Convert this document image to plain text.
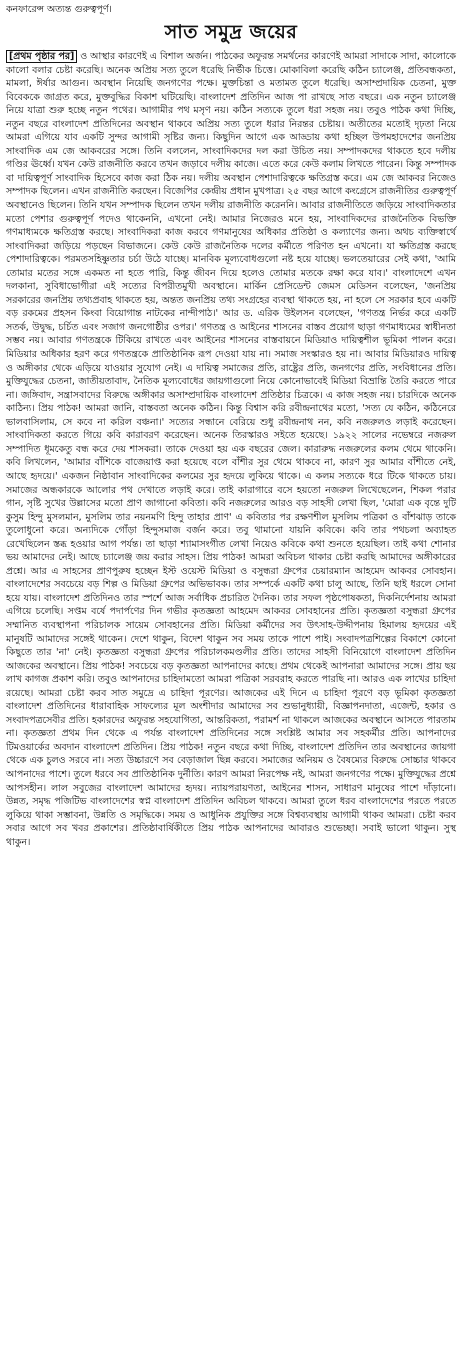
কনফারেন্স অত্যন্ত গুরুত্বপূর্ণ।
সাত সমুদ্র জয়ের

[প্রথম পৃষ্ঠার পর] ও আস্থার কারণেই এ বিশাল অর্জন। পাঠকের অফুরন্ত সমর্থনের কারণেই আমরা সাদাকে সাদা, কালোকে কালো বলার চেষ্টা করেছি। অনেক অপ্রিয় সত্য তুলে ধরেছি নির্ভীক চিত্তে। মোকাবিলা করেছি কঠিন চ্যালেঞ্জ, প্রতিবন্ধকতা, মামলা, ঈর্ষার আগুন। অবস্থান নিয়েছি জনগণের পক্ষে। মুক্তচিন্তা ও মতামত তুলে ধরেছি। অসাম্প্রদায়িক চেতনা, মুক্ত বিবেককে জাগ্রত করে, মুক্তবুদ্ধির বিকাশ ঘটিয়েছি। বাংলাদেশ প্রতিদিন আজ পা রাখছে সাত বছরে। এক নতুন চ্যালেঞ্জ নিয়ে যাত্রা শুরু হচ্ছে নতুন পথের। আগামীর পথ মসৃণ নয়। কঠিন সত্যকে তুলে ধরা সহজ নয়। তবুও পাঠক কথা দিচ্ছি, নতুন বছরে বাংলাদেশ প্রতিদিনের অবস্থান থাকবে অপ্রিয় সত্য তুলে ধরার নিরন্তর চেষ্টায়। অতীতের মতোই দৃঢ়তা নিয়ে আমরা এগিয়ে যাব একটি সুন্দর আগামী সৃষ্টির জন্য। কিছুদিন আগে এক আড্ডায় কথা হচ্ছিল উপমহাদেশের জনপ্রিয় সাংবাদিক এম জে আকবরের সঙ্গে। তিনি বললেন, সাংবাদিকদের দল করা উচিত নয়। সম্পাদকদের থাকতে হবে দলীয় গণ্ডির ঊর্ধ্বে। যখন কেউ রাজনীতি করবে তখন জড়াবে দলীয় কাজে। এতে করে কেউ কলাম লিখতে পারেন। কিন্তু সম্পাদক বা দায়িত্বপূর্ণ সাংবাদিক হিসেবে কাজ করা ঠিক নয়। দলীয় অবস্থান পেশাদারিত্বকে ক্ষতিগ্রস্ত করে। এম জে আকবর নিজেও সম্পাদক ছিলেন। এখন রাজনীতি করছেন। বিজেপির কেন্দ্রীয় প্রধান মুখপাত্র। ২৫ বছর আগে কংগ্রেসে রাজনীতির গুরুত্বপূর্ণ অবস্থানেও ছিলেন। তিনি যখন সম্পাদক ছিলেন তখন দলীয় রাজনীতি করেননি। আবার রাজনীতিতে জড়িয়ে সাংবাদিকতার মতো পেশার গুরুত্বপূর্ণ পদেও থাকেননি, এখনো নেই। আমার নিজেরও মনে হয়, সাংবাদিকদের রাজনৈতিক বিভক্তি গণমাধ্যমকে ক্ষতিগ্রস্ত করছে। সাংবাদিকরা কাজ করবে গণমানুষের অধিকার প্রতিষ্ঠা ও কল্যাণের জন্য। অথচ ব্যক্তিস্বার্থে সাংবাদিকরা জড়িয়ে পড়ছেন বিভাজনে। কেউ কেউ রাজনৈতিক দলের কর্মীতে পরিণত হন এখনো। যা ক্ষতিগ্রস্ত করছে পেশাদারিত্বকে। পরমতসহিষ্ণুতার চর্চা উঠে যাচ্ছে। মানবিক মূল্যবোধগুলো নষ্ট হয়ে যাচ্ছে। ভলতেয়ারের সেই কথা, 'আমি তোমার মতের সঙ্গে একমত না হতে পারি, কিন্তু জীবন দিয়ে হলেও তোমার মতকে রক্ষা করে যাব।' বাংলাদেশে এখন দলকানা, সুবিধাভোগীরা এই সত্যের বিপরীতমুখী অবস্থানে। মার্কিন প্রেসিডেন্ট জেমস মেডিসন বলেছেন, 'জনপ্রিয় সরকারের জনপ্রিয় তথ্যপ্রবাহ থাকতে হয়, অন্তত জনপ্রিয় তথ্য সংগ্রহের ব্যবস্থা থাকতে হয়, না হলে সে সরকার হবে একটি বড় রকমের প্রহসন কিংবা বিয়োগান্ত নাটকের নান্দীপাঠ।' আর ড. এরিক উইলসন বলেছেন, 'গণতন্ত্র নির্ভর করে একটি সতর্ক, উদ্বুদ্ধ, চর্চিত এবং সজাগ জনগোষ্ঠীর ওপর।' গণতন্ত্র ও আইনের শাসনের বাস্তব প্রয়োগ ছাড়া গণমাধ্যমের স্বাধীনতা সম্ভব নয়। আবার গণতন্ত্রকে টিকিয়ে রাখতে এবং আইনের শাসনের বাস্তবায়নে মিডিয়াও দায়িত্বশীল ভূমিকা পালন করে। মিডিয়ার অধিকার হরণ করে গণতন্ত্রকে প্রাতিষ্ঠানিক রূপ দেওয়া যায় না। সমাজ সংস্কারও হয় না। আবার মিডিয়ারও দায়িত্ব ও অঙ্গীকার থেকে এড়িয়ে যাওয়ার সুযোগ নেই। এ দায়িত্ব সমাজের প্রতি, রাষ্ট্রের প্রতি, জনগণের প্রতি, সংবিধানের প্রতি। মুক্তিযুদ্ধের চেতনা, জাতীয়তাবাদ, নৈতিক মূল্যবোধের জায়গাগুলো নিয়ে কোনোভাবেই মিডিয়া বিভ্রান্তি তৈরি করতে পারে না। জঙ্গিবাদ, সন্ত্রাসবাদের বিরুদ্ধে অঙ্গীকার অসাম্প্রদায়িক বাংলাদেশ প্রতিষ্ঠার চিত্রকে। এ কাজ সহজ নয়। চারদিকে অনেক কাঠিন্য। প্রিয় পাঠক! আমরা জানি, বাস্তবতা অনেক কঠিন। কিন্তু বিশ্বাস করি রবীন্দ্রনাথের মতো, 'সত্য যে কঠিন, কঠিনেরে ভালবাসিলাম, সে কবে না করিল বঞ্চনা।' সত্যের সন্ধানে বেরিয়ে শুধু রবীন্দ্রনাথ নন, কবি নজরুলও লড়াই করেছেন। সাংবাদিকতা করতে গিয়ে কবি কারাবরণ করেছেন। অনেক তিরস্কারও সইতে হয়েছে। ১৯২২ সালের নভেম্বরে নজরুল সম্পাদিত ধূমকেতু বন্ধ করে দেয় শাসকরা। তাকে দেওয়া হয় এক বছরের জেল। কারারুদ্ধ নজরুলের কলম থেমে থাকেনি। কবি লিখলেন, 'আমার বাঁশিকে বাজেয়াপ্ত করা হয়েছে বলে বাঁশীর সুর থেমে থাকবে না, কারণ সুর আমার বাঁশীতে নেই, আছে হৃদয়ে।' একজন নিষ্ঠাবান সাংবাদিকের কলমের সুর হৃদয়ে লুকিয়ে থাকে। এ কলম সত্যকে ধরে টিকে থাকতে চায়। সমাজের অন্ধকারকে আলোর পথ দেখাতে লড়াই করে। তাই কারাগারে বসে হয়তো নজরুল লিখেছেলেন, শিকল পরার গান, সৃষ্টি সুখের উল্লাসের মতো প্রাণ জাগানো কবিতা। কবি নজরুলের আরও বড় সাহসী লেখা ছিল, 'মোরা এক বৃন্তে দুটি কুসুম হিন্দু মুসলমান, মুসলিম তার নয়নমণি হিন্দু তাহার প্রাণ' এ কবিতার পর রক্ষণশীল মুসলিম পত্রিকা ও বাঁশঝাড় তাকে তুলোধুনো করে। অন্যদিকে গোঁড়া হিন্দুসমাজ বর্জন করে। তবু থামানো যায়নি কবিকে। কবি তার পথচলা অব্যাহত রেখেছিলেন স্তব্ধ হওয়ার আগ পর্যন্ত। তা ছাড়া শ্যামাসংগীত লেখা নিয়েও কবিকে কথা শুনতে হয়েছিল। তাই কথা শোনার ভয় আমাদের নেই। আছে চ্যালেঞ্জ জয় করার সাহস। প্রিয় পাঠক! আমরা অবিচল থাকার চেষ্টা করছি আমাদের অঙ্গীকারের প্রশ্নে। আর এ সাহসের প্রাণপুরুষ হচ্ছেন ইস্ট ওয়েস্ট মিডিয়া ও বসুন্ধরা গ্রুপের চেয়ারম্যান আহমেদ আকবর সোবহান। বাংলাদেশের সবচেয়ে বড় শিল্প ও মিডিয়া গ্রুপের অভিভাবক। তার সম্পর্কে একটি কথা চালু আছে, তিনি ছাই ধরলে সোনা হয়ে যায়। বাংলাদেশ প্রতিদিনও তার স্পর্শে আজ সর্বাধিক প্রচারিত দৈনিক। তার সফল পৃষ্ঠপোষকতা, দিকনির্দেশনায় আমরা এগিয়ে চলেছি। সপ্তম বর্ষে পদার্পণের দিন গভীর কৃতজ্ঞতা আহমেদ আকবর সোবহানের প্রতি। কৃতজ্ঞতা বসুন্ধরা গ্রুপের সম্মানিত ব্যবস্থাপনা পরিচালক সায়েম সোবহানের প্রতি। মিডিয়া কর্মীদের সব উৎসাহ-উদ্দীপনায় হিমালয় হৃদয়ের এই মানুষটি আমাদের সঙ্গেই থাকেন। দেশে থাকুন, বিদেশ থাকুন সব সময় তাকে পাশে পাই। সংবাদপত্রশিল্পের বিকাশে কোনো কিছুতে তার 'না' নেই। কৃতজ্ঞতা বসুন্ধরা গ্রুপের পরিচালকমণ্ডলীর প্রতি। তাদের সাহসী বিনিয়োগে বাংলাদেশ প্রতিদিন আজকের অবস্থানে। প্রিয় পাঠক! সবচেয়ে বড় কৃতজ্ঞতা আপনাদের কাছে। প্রথম থেকেই আপনারা আমাদের সঙ্গে। প্রায় ছয় লাখ কাগজ প্রকাশ করি। তবুও আপনাদের চাহিদামতো আমরা পত্রিকা সরবরাহ করতে পারছি না। আরও এক লাখের চাহিদা রয়েছে। আমরা চেষ্টা করব সাত সমুদ্রে এ চাহিদা পূরণের। আজকের এই দিনে এ চাহিদা পূরণে বড় ভূমিকা কৃতজ্ঞতা বাংলাদেশ প্রতিদিনের ধারাবাহিক সাফল্যের মূল অংশীদার আমাদের সব শুভানুধ্যায়ী, বিজ্ঞাপনদাতা, এজেন্ট, হকার ও সংবাদপত্রসেবীর প্রতি। হকারদের অফুরন্ত সহযোগিতা, আন্তরিকতা, পরামর্শ না থাকলে আজকের অবস্থানে আসতে পারতাম না। কৃতজ্ঞতা প্রথম দিন থেকে এ পর্যন্ত বাংলাদেশ প্রতিদিনের সঙ্গে সংশ্লিষ্ট আমার সব সহকর্মীর প্রতি। আপনাদের টিমওয়ার্কের অবদান বাংলাদেশ প্রতিদিন। প্রিয় পাঠক! নতুন বছরে কথা দিচ্ছি, বাংলাদেশ প্রতিদিন তার অবস্থানের জায়গা থেকে এক চুলও সরবে না। সত্য উচ্চারণে সব বেড়াজাল ছিন্ন করবে। সমাজের অনিয়ম ও বৈষম্যের বিরুদ্ধে সোচ্চার থাকবে আপনাদের পাশে। তুলে ধরবে সব প্রাতিষ্ঠানিক দুর্নীতি। কারণ আমরা নিরপেক্ষ নই, আমরা জনগণের পক্ষে। মুক্তিযুদ্ধের প্রশ্নে আপসহীন। লাল সবুজের বাংলাদেশ আমাদের হৃদয়। ন্যায়পরায়ণতা, আইনের শাসন, সাধারণ মানুষের পাশে দাঁড়ানো। উন্নত, সমৃদ্ধ পজিটিভ বাংলাদেশের স্বপ্ন বাংলাদেশ প্রতিদিন অবিচল থাকবে। আমরা তুলে ধরব বাংলাদেশের পরতে পরতে লুকিয়ে থাকা সম্ভাবনা, উন্নতি ও সমৃদ্ধিকে। সময় ও আধুনিক প্রযুক্তির সঙ্গে বিশ্বব্যবস্থায় আগামী থাকব আমরা। চেষ্টা করব সবার আগে সব খবর প্রকাশের। প্রতিষ্ঠাবার্ষিকীতে প্রিয় পাঠক আপনাদের আবারও শুভেচ্ছা। সবাই ভালো থাকুন। সুস্থ থাকুন।
